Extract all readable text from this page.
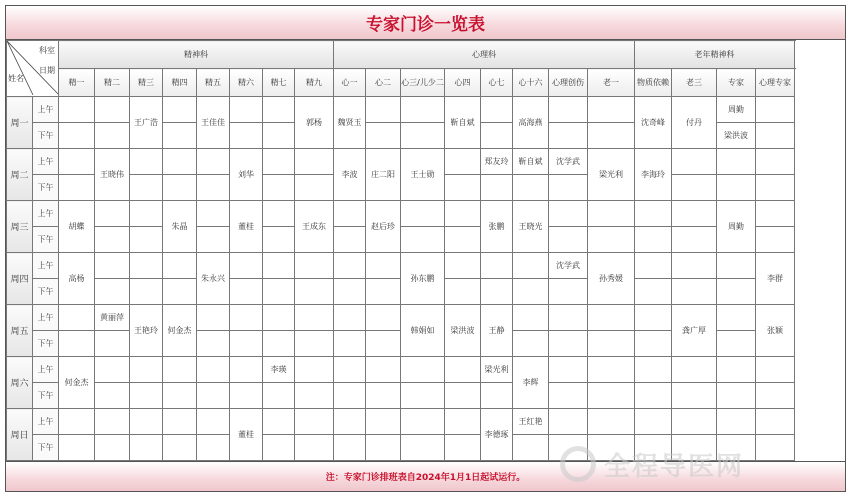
专家门诊一览表
科室
日期
姓名		精神科								心理科								老年精神科		
		精一	精二	精三	精四	精五	精六	精七	精九	心一	心二	心三/儿少二	心四	心七	心十六	心理创伤	老一	物质依赖	老三	专家	心理专家	
周一	上午			王广浩		王佳佳			郭杨	魏贤玉			靳自斌		高海燕			沈奇峰	付丹	周勤		
	下午																			梁洪波		
周二	上午		王晓伟				刘华			李波	庄二阳	王士勋		郑友玲	靳自斌	沈学武	梁光利	李海玲				
	下午																					
周三	上午	胡蝶			朱晶		董桂		王成东		赵后珍			张鹏	王晓光					周勤		
	下午																					
周四	上午	高杨				朱永兴						孙东鹏				沈学武	孙秀媛				李群	
	下午																					
周五	上午		黄丽萍	王艳玲	何金杰							韩娟如	梁洪波	王静					龚广厚		张颖	
	下午																					
周六	上午	何金杰						李瑛						梁光利	李辉							
	下午																					
周日	上午						董桂							李德琢	王红艳							
	下午																					
注：专家门诊排班表自2024年1月1日起试运行。	全程导医网
